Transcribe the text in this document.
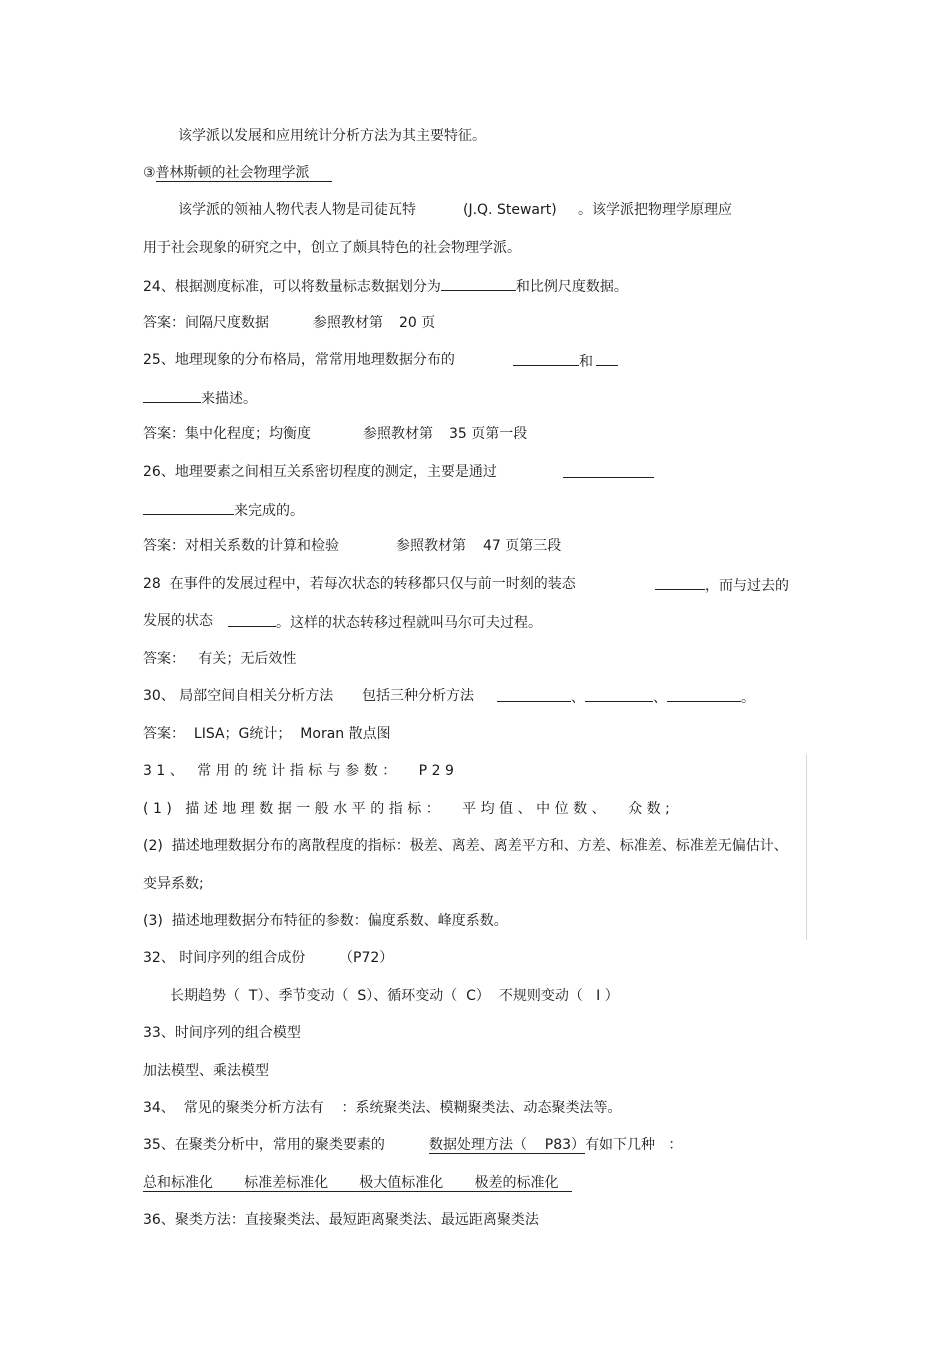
该学派以发展和应用统计分析方法为其主要特征。
③普林斯顿的社会物理学派
该学派的领袖人物代表人物是司徒瓦特	(J.Q. Stewart) 。该学派把物理学原理应
用于社会现象的研究之中，创立了颇具特色的社会物理学派。
24、根据测度标准，可以将数量标志数据划分为	和比例尺度数据。
答案：间隔尺度数据	参照教材第 20 页
25、地理现象的分布格局，常常用地理数据分布的	和
来描述。
答案：集中化程度；均衡度	参照教材第 35 页第一段
26、地理要素之间相互关系密切程度的测定，主要是通过
来完成的。
答案：对相关系数的计算和检验	参照教材第 47 页第三段
28  在事件的发展过程中，若每次状态的转移都只仅与前一时刻的装态	，而与过去的
发展的状态	。这样的状态转移过程就叫马尔可夫过程。
答案：   有关；无后效性
30、 局部空间自相关分析方法 包括三种分析方法	、	、	。
答案：  LISA；G统计；  Moran 散点图
31、 常用的统计指标与参数：  P29
(1) 描述地理数据一般水平的指标：  平均值、中位数、  众数;
(2)  描述地理数据分布的离散程度的指标：极差、离差、离差平方和、方差、标准差、标准差无偏估计、
变异系数;
(3)  描述地理数据分布特征的参数：偏度系数、峰度系数。
32、 时间序列的组合成份 （P72）
长期趋势（  T）、季节变动（  S）、循环变动（  C）  不规则变动（   I ）
33、时间序列的组合模型
加法模型、乘法模型
34、  常见的聚类分析方法有    ：系统聚类法、模糊聚类法、动态聚类法等。
35、在聚类分析中，常用的聚类要素的	数据处理方法（    P83）有如下几种   ：
总和标准化       标准差标准化       极大值标准化       极差的标准化
36、聚类方法：直接聚类法、最短距离聚类法、最远距离聚类法
